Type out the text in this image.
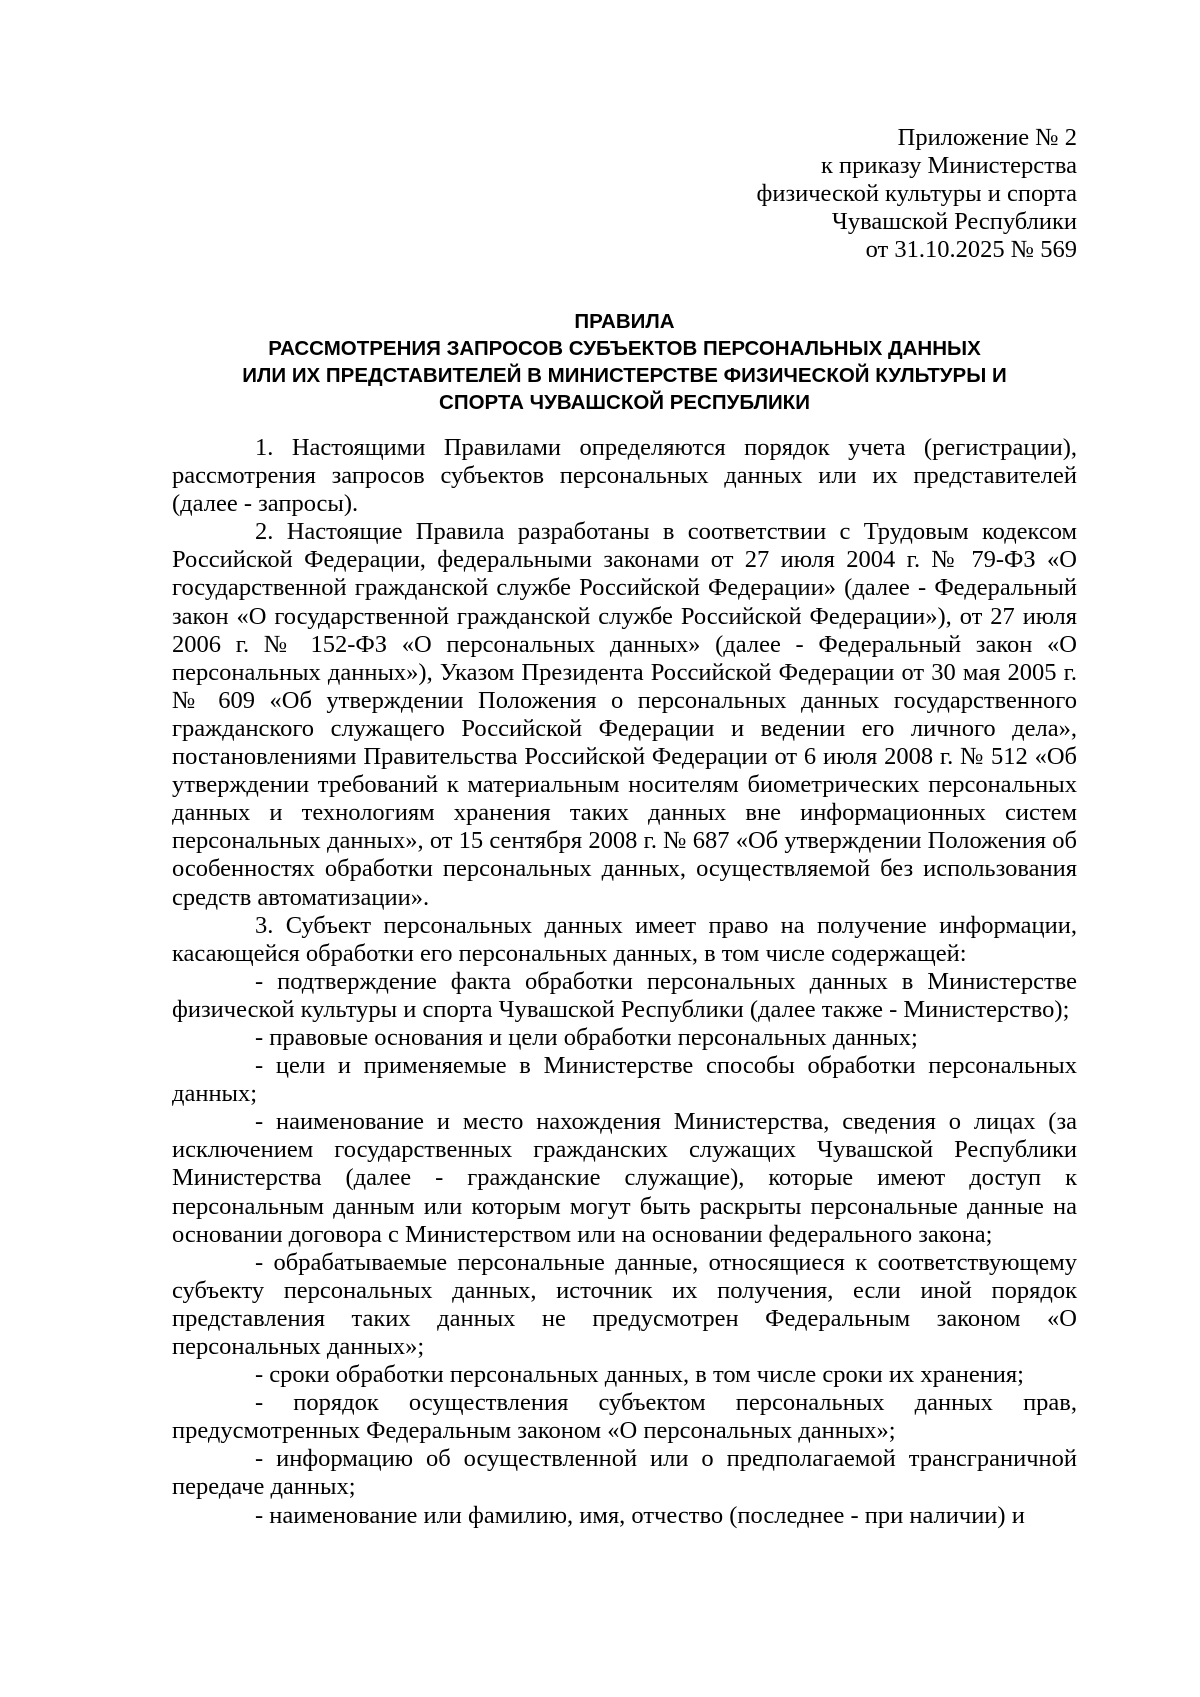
Приложение № 2
к приказу Министерства
физической культуры и спорта
Чувашской Республики
от 31.10.2025 № 569
ПРАВИЛА
РАССМОТРЕНИЯ ЗАПРОСОВ СУБЪЕКТОВ ПЕРСОНАЛЬНЫХ ДАННЫХ
ИЛИ ИХ ПРЕДСТАВИТЕЛЕЙ В МИНИСТЕРСТВЕ ФИЗИЧЕСКОЙ КУЛЬТУРЫ И
СПОРТА ЧУВАШСКОЙ РЕСПУБЛИКИ

1. Настоящими Правилами определяются порядок учета (регистрации), рассмотрения запросов субъектов персональных данных или их представителей (далее - запросы).

2. Настоящие Правила разработаны в соответствии с Трудовым кодексом Российской Федерации, федеральными законами от 27 июля 2004 г. № 79-ФЗ «О государственной гражданской службе Российской Федерации» (далее - Федеральный закон «О государственной гражданской службе Российской Федерации»), от 27 июля 2006 г. № 152-ФЗ «О персональных данных» (далее - Федеральный закон «О персональных данных»), Указом Президента Российской Федерации от 30 мая 2005 г. № 609 «Об утверждении Положения о персональных данных государственного гражданского служащего Российской Федерации и ведении его личного дела», постановлениями Правительства Российской Федерации от 6 июля 2008 г. № 512 «Об утверждении требований к материальным носителям биометрических персональных данных и технологиям хранения таких данных вне информационных систем персональных данных», от 15 сентября 2008 г. № 687 «Об утверждении Положения об особенностях обработки персональных данных, осуществляемой без использования средств автоматизации».

3. Субъект персональных данных имеет право на получение информации, касающейся обработки его персональных данных, в том числе содержащей:

- подтверждение факта обработки персональных данных в Министерстве физической культуры и спорта Чувашской Республики (далее также - Министерство);

- правовые основания и цели обработки персональных данных;

- цели и применяемые в Министерстве способы обработки персональных данных;

- наименование и место нахождения Министерства, сведения о лицах (за исключением государственных гражданских служащих Чувашской Республики Министерства (далее - гражданские служащие), которые имеют доступ к персональным данным или которым могут быть раскрыты персональные данные на основании договора с Министерством или на основании федерального закона;

- обрабатываемые персональные данные, относящиеся к соответствующему субъекту персональных данных, источник их получения, если иной порядок представления таких данных не предусмотрен Федеральным законом «О персональных данных»;

- сроки обработки персональных данных, в том числе сроки их хранения;

- порядок осуществления субъектом персональных данных прав, предусмотренных Федеральным законом «О персональных данных»;

- информацию об осуществленной или о предполагаемой трансграничной передаче данных;

- наименование или фамилию, имя, отчество (последнее - при наличии) и
